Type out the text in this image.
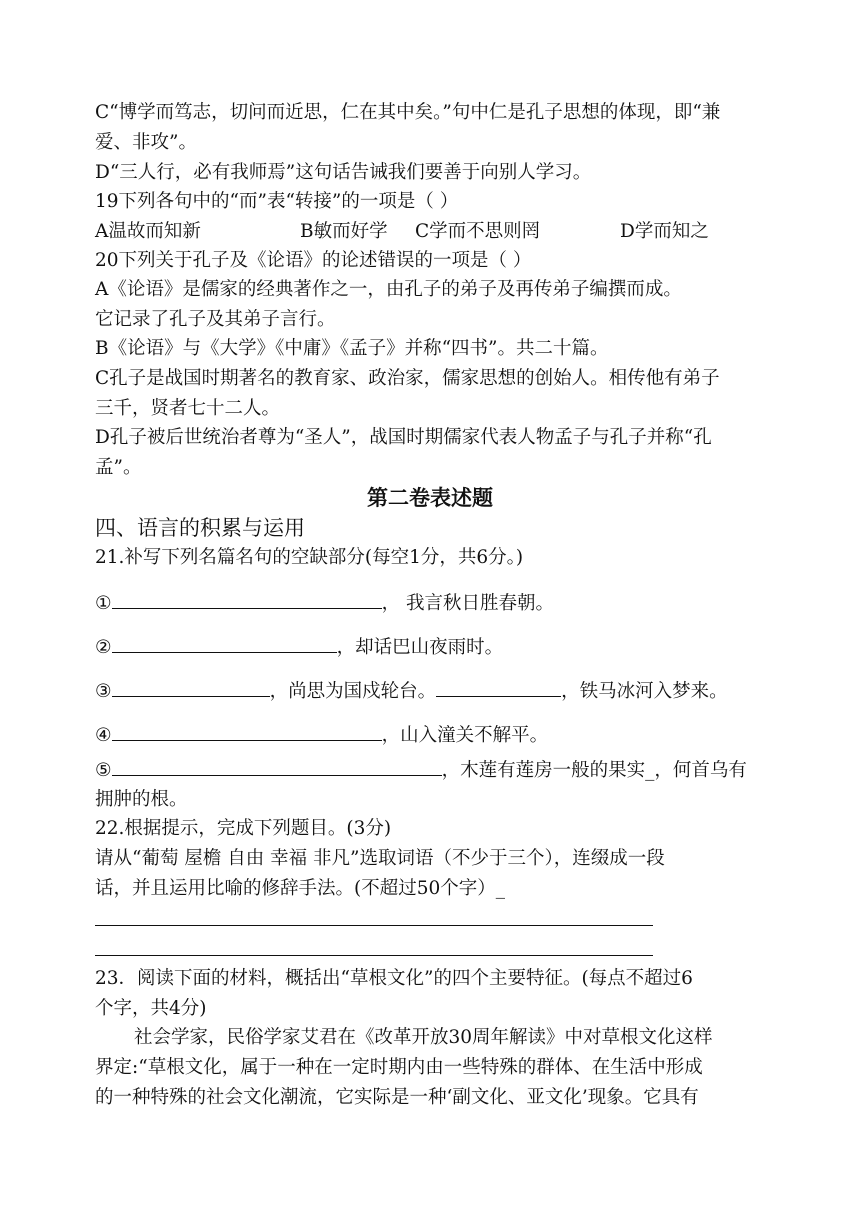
C“博学而笃志，切问而近思，仁在其中矣。”句中仁是孔子思想的体现，即“兼
爱、非攻”。
D“三人行，必有我师焉”这句话告诫我们要善于向别人学习。
19下列各句中的“而”表“转接”的一项是（ ）
A温故而知新	B敏而好学 C学而不思则罔	D学而知之
20下列关于孔子及《论语》的论述错误的一项是（ ）
A《论语》是儒家的经典著作之一，由孔子的弟子及再传弟子编撰而成。
它记录了孔子及其弟子言行。
B《论语》与《大学》《中庸》《孟子》并称“四书”。共二十篇。
C孔子是战国时期著名的教育家、政治家，儒家思想的创始人。相传他有弟子
三千，贤者七十二人。
D孔子被后世统治者尊为“圣人”，战国时期儒家代表人物孟子与孔子并称“孔
孟”。
第二卷表述题
四、语言的积累与运用
21.补写下列名篇名句的空缺部分(每空1分，共6分。)
①	， 我言秋日胜春朝。
②	，却话巴山夜雨时。
③	，尚思为国戍轮台。	，铁马冰河入梦来。
④	，山入潼关不解平。
⑤	，木莲有莲房一般的果实_，何首乌有
拥肿的根。
22.根据提示，完成下列题目。(3分)
请从“葡萄 屋檐 自由 幸福 非凡”选取词语（不少于三个），连缀成一段
话，并且运用比喻的修辞手法。(不超过50个字）_
23．阅读下面的材料，概括出“草根文化”的四个主要特征。(每点不超过6
个字，共4分)
社会学家，民俗学家艾君在《改革开放30周年解读》中对草根文化这样
界定:“草根文化，属于一种在一定时期内由一些特殊的群体、在生活中形成
的一种特殊的社会文化潮流，它实际是一种‘副文化、亚文化’现象。它具有
